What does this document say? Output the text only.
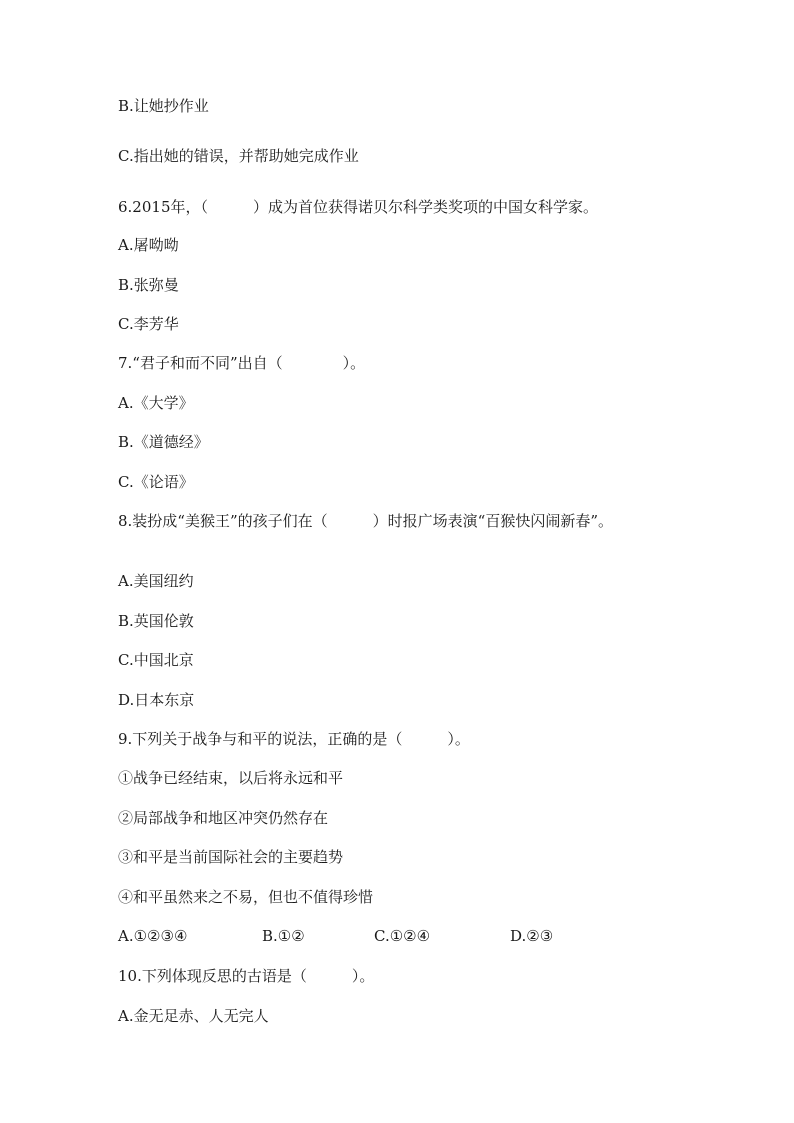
B.让她抄作业
C.指出她的错误，并帮助她完成作业
6.2015年，（　　　）成为首位获得诺贝尔科学类奖项的中国女科学家。
A.屠呦呦
B.张弥曼
C.李芳华
7.“君子和而不同”出自（　　　　）。
A.《大学》
B.《道德经》
C.《论语》
8.装扮成“美猴王”的孩子们在（　　　）时报广场表演“百猴快闪闹新春”。
A.美国纽约
B.英国伦敦
C.中国北京
D.日本东京
9.下列关于战争与和平的说法，正确的是（　　　）。
①战争已经结束，以后将永远和平
②局部战争和地区冲突仍然存在
③和平是当前国际社会的主要趋势
④和平虽然来之不易，但也不值得珍惜
A.①②③④	B.①②	C.①②④	D.②③
10.下列体现反思的古语是（　　　）。
A.金无足赤、人无完人
